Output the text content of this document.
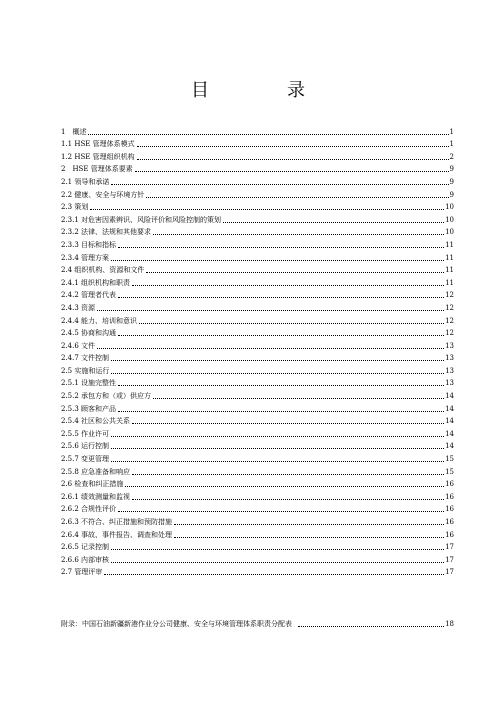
目　录
1　概述	1
1.1 HSE 管理体系模式	1
1.2 HSE 管理组织机构	2
2　HSE 管理体系要素	9
2.1 领导和承诺	9
2.2 健康、安全与环境方针	9
2.3 策划	10
2.3.1 对危害因素辨识、风险评价和风险控制的策划	10
2.3.2 法律、法规和其他要求	10
2.3.3 目标和指标	11
2.3.4 管理方案	11
2.4 组织机构、资源和文件	11
2.4.1 组织机构和职责	11
2.4.2 管理者代表	12
2.4.3 资源	12
2.4.4 能力、培训和意识	12
2.4.5 协商和沟通	12
2.4.6 文件	13
2.4.7 文件控制	13
2.5 实施和运行	13
2.5.1 设施完整性	13
2.5.2 承包方和（或）供应方	14
2.5.3 顾客和产品	14
2.5.4 社区和公共关系	14
2.5.5 作业许可	14
2.5.6 运行控制	14
2.5.7 变更管理	15
2.5.8 应急准备和响应	15
2.6 检查和纠正措施	16
2.6.1 绩效测量和监视	16
2.6.2 合规性评价	16
2.6.3 不符合、纠正措施和预防措施	16
2.6.4 事故、事件报告、调查和处理	16
2.6.5 记录控制	17
2.6.6 内部审核	17
2.7 管理评审	17
附录：中国石油新疆新港作业分公司健康、安全与环境管理体系职责分配表	18
